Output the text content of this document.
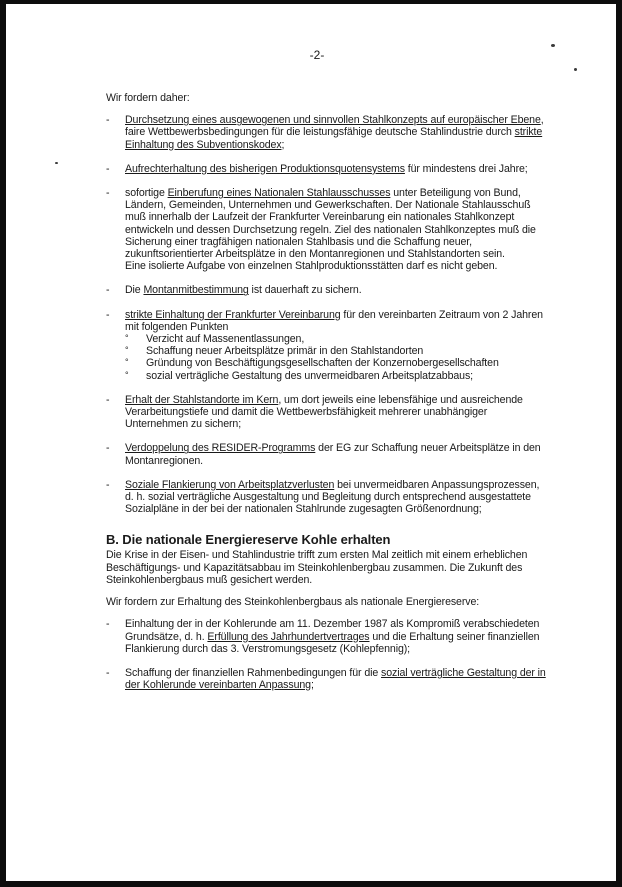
-2-

Wir fordern daher:

- Durchsetzung eines ausgewogenen und sinnvollen Stahlkonzepts auf europäischer Ebene, faire Wettbewerbsbedingungen für die leistungsfähige deutsche Stahlindustrie durch strikte Einhaltung des Subventionskodex;
- Aufrechterhaltung des bisherigen Produktionsquotensystems für mindestens drei Jahre;
- sofortige Einberufung eines Nationalen Stahlausschusses unter Beteiligung von Bund, Ländern, Gemeinden, Unternehmen und Gewerkschaften. Der Nationale Stahlausschuß muß innerhalb der Laufzeit der Frankfurter Vereinbarung ein nationales Stahlkonzept entwickeln und dessen Durchsetzung regeln. Ziel des nationalen Stahlkonzeptes muß die Sicherung einer tragfähigen nationalen Stahlbasis und die Schaffung neuer, zukunftsorientierter Arbeitsplätze in den Montanregionen und Stahlstandorten sein.
Eine isolierte Aufgabe von einzelnen Stahlproduktionsstätten darf es nicht geben.
- Die Montanmitbestimmung ist dauerhaft zu sichern.
- strikte Einhaltung der Frankfurter Vereinbarung für den vereinbarten Zeitraum von 2 Jahren mit folgenden Punkten
° Verzicht auf Massenentlassungen,
° Schaffung neuer Arbeitsplätze primär in den Stahlstandorten
° Gründung von Beschäftigungsgesellschaften der Konzernobergesellschaften
° sozial verträgliche Gestaltung des unvermeidbaren Arbeitsplatzabbaus;
- Erhalt der Stahlstandorte im Kern, um dort jeweils eine lebensfähige und ausreichende Verarbeitungstiefe und damit die Wettbewerbsfähigkeit mehrerer unabhängiger Unternehmen zu sichern;
- Verdoppelung des RESIDER-Programms der EG zur Schaffung neuer Arbeitsplätze in den Montanregionen.
- Soziale Flankierung von Arbeitsplatzverlusten bei unvermeidbaren Anpassungsprozessen, d. h. sozial verträgliche Ausgestaltung und Begleitung durch entsprechend ausgestattete Sozialpläne in der bei der nationalen Stahlrunde zugesagten Größenordnung;
B. Die nationale Energiereserve Kohle erhalten

Die Krise in der Eisen- und Stahlindustrie trifft zum ersten Mal zeitlich mit einem erheblichen Beschäftigungs- und Kapazitätsabbau im Steinkohlenbergbau zusammen. Die Zukunft des Steinkohlenbergbaus muß gesichert werden.

Wir fordern zur Erhaltung des Steinkohlenbergbaus als nationale Energiereserve:

- Einhaltung der in der Kohlerunde am 11. Dezember 1987 als Kompromiß verabschiedeten Grundsätze, d. h. Erfüllung des Jahrhundertvertrages und die Erhaltung seiner finanziellen Flankierung durch das 3. Verstromungsgesetz (Kohlepfennig);
- Schaffung der finanziellen Rahmenbedingungen für die sozial verträgliche Gestaltung der in der Kohlerunde vereinbarten Anpassung;
